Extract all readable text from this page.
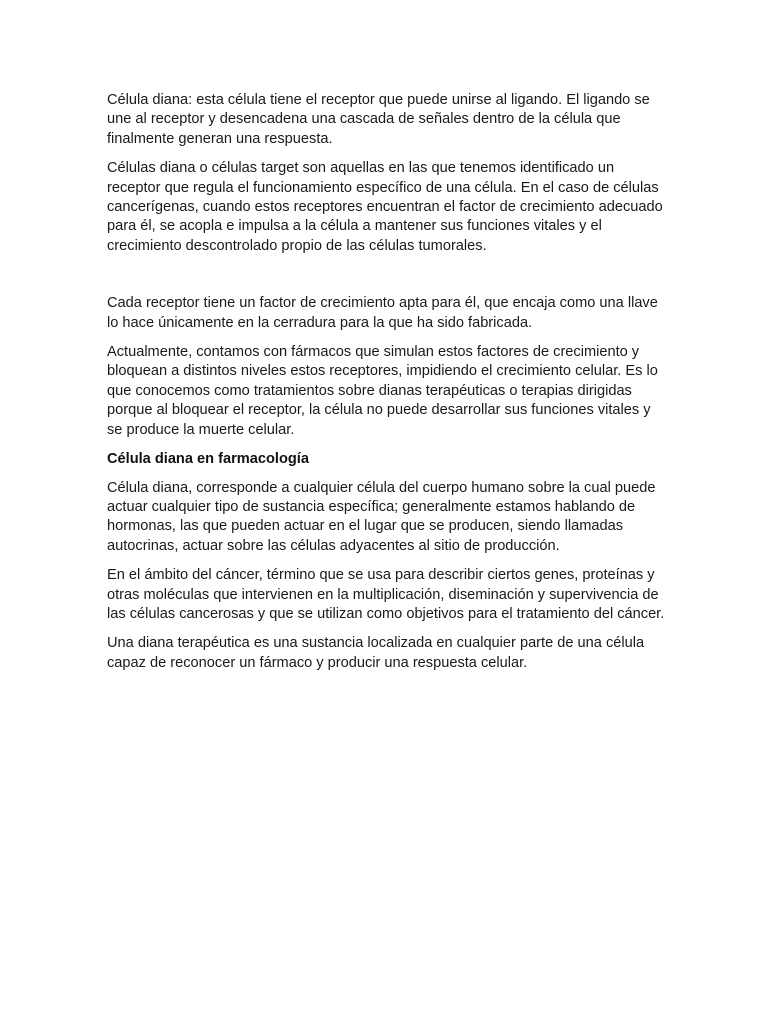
Célula diana: esta célula tiene el receptor que puede unirse al ligando. El ligando se une al receptor y desencadena una cascada de señales dentro de la célula que finalmente generan una respuesta.

Células diana o células target son aquellas en las que tenemos identificado un receptor que regula el funcionamiento específico de una célula. En el caso de células cancerígenas, cuando estos receptores encuentran el factor de crecimiento adecuado para él, se acopla e impulsa a la célula a mantener sus funciones vitales y el crecimiento descontrolado propio de las células tumorales.

Cada receptor tiene un factor de crecimiento apta para él, que encaja como una llave lo hace únicamente en la cerradura para la que ha sido fabricada.

Actualmente, contamos con fármacos que simulan estos factores de crecimiento y bloquean a distintos niveles estos receptores, impidiendo el crecimiento celular. Es lo que conocemos como tratamientos sobre dianas terapéuticas o terapias dirigidas porque al bloquear el receptor, la célula no puede desarrollar sus funciones vitales y se produce la muerte celular.

Célula diana en farmacología

Célula diana, corresponde a cualquier célula del cuerpo humano sobre la cual puede actuar cualquier tipo de sustancia específica; generalmente estamos hablando de hormonas, las que pueden actuar en el lugar que se producen, siendo llamadas autocrinas, actuar sobre las células adyacentes al sitio de producción.

En el ámbito del cáncer, término que se usa para describir ciertos genes, proteínas y otras moléculas que intervienen en la multiplicación, diseminación y supervivencia de las células cancerosas y que se utilizan como objetivos para el tratamiento del cáncer.

Una diana terapéutica es una sustancia localizada en cualquier parte de una célula capaz de reconocer un fármaco y producir una respuesta celular.
